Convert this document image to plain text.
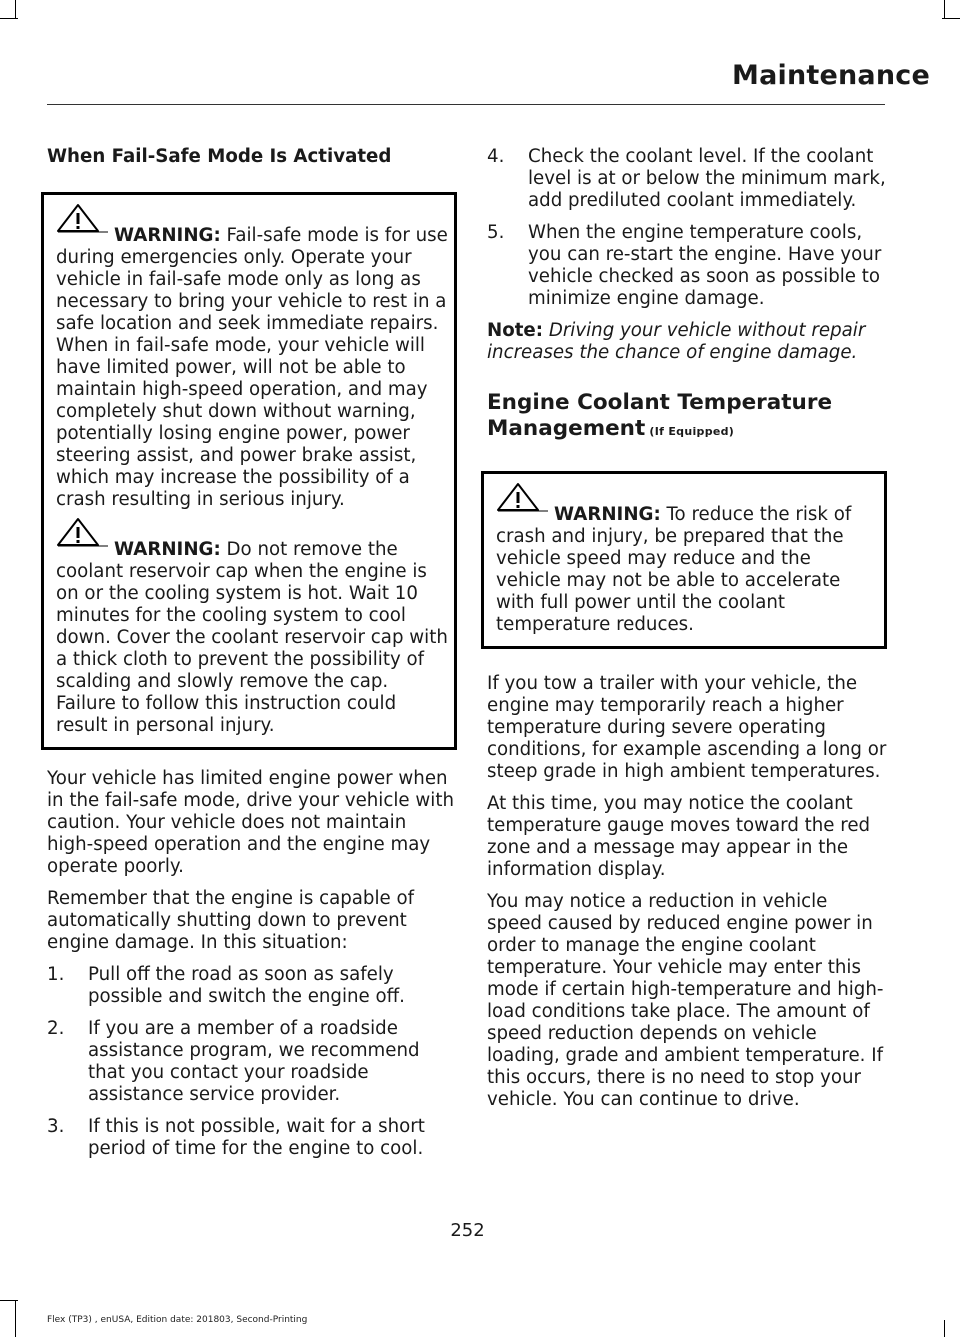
Maintenance
When Fail-Safe Mode Is Activated
WARNING: Fail-safe mode is for use during emergencies only. Operate your vehicle in fail-safe mode only as long as necessary to bring your vehicle to rest in a safe location and seek immediate repairs. When in fail-safe mode, your vehicle will have limited power, will not be able to maintain high-speed operation, and may completely shut down without warning, potentially losing engine power, power steering assist, and power brake assist, which may increase the possibility of a crash resulting in serious injury.
WARNING: Do not remove the coolant reservoir cap when the engine is on or the cooling system is hot. Wait 10 minutes for the cooling system to cool down. Cover the coolant reservoir cap with a thick cloth to prevent the possibility of scalding and slowly remove the cap. Failure to follow this instruction could result in personal injury.

Your vehicle has limited engine power when in the fail-safe mode, drive your vehicle with caution. Your vehicle does not maintain high-speed operation and the engine may operate poorly.

Remember that the engine is capable of automatically shutting down to prevent engine damage. In this situation:

1. Pull off the road as soon as safely possible and switch the engine off.
2. If you are a member of a roadside assistance program, we recommend that you contact your roadside assistance service provider.
3. If this is not possible, wait for a short period of time for the engine to cool.
4. Check the coolant level. If the coolant level is at or below the minimum mark, add prediluted coolant immediately.
5. When the engine temperature cools, you can re-start the engine. Have your vehicle checked as soon as possible to minimize engine damage.

Note: Driving your vehicle without repair increases the chance of engine damage.

Engine Coolant Temperature Management (If Equipped)
WARNING: To reduce the risk of crash and injury, be prepared that the vehicle speed may reduce and the vehicle may not be able to accelerate with full power until the coolant temperature reduces.

If you tow a trailer with your vehicle, the engine may temporarily reach a higher temperature during severe operating conditions, for example ascending a long or steep grade in high ambient temperatures.

At this time, you may notice the coolant temperature gauge moves toward the red zone and a message may appear in the information display.

You may notice a reduction in vehicle speed caused by reduced engine power in order to manage the engine coolant temperature. Your vehicle may enter this mode if certain high-temperature and high-load conditions take place. The amount of speed reduction depends on vehicle loading, grade and ambient temperature. If this occurs, there is no need to stop your vehicle. You can continue to drive.

252
Flex (TP3) , enUSA, Edition date: 201803, Second-Printing
